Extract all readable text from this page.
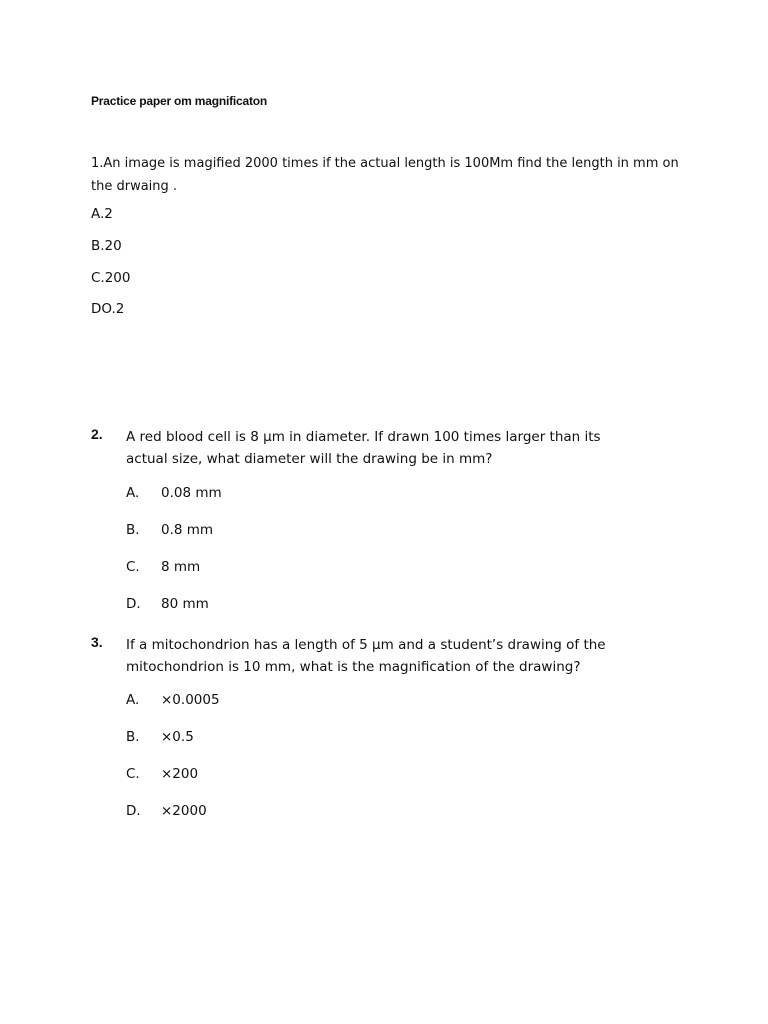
Practice paper om magnificaton
1.An image is magified 2000 times if the actual length is 100Mm find the length in mm on the drwaing .
A.2
B.20
C.200
DO.2
2. A red blood cell is 8 µm in diameter. If drawn 100 times larger than its actual size, what diameter will the drawing be in mm?
A. 0.08 mm
B. 0.8 mm
C. 8 mm
D. 80 mm
3. If a mitochondrion has a length of 5 µm and a student’s drawing of the mitochondrion is 10 mm, what is the magnification of the drawing?
A. ×0.0005
B. ×0.5
C. ×200
D. ×2000
